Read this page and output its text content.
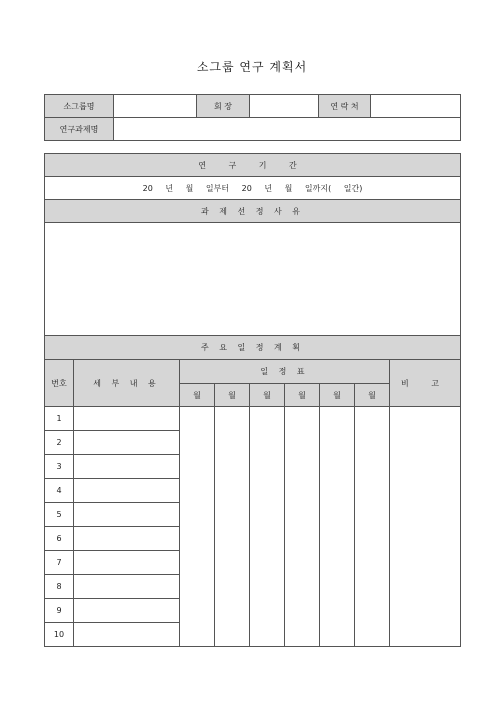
소그룹 연구 계획서
소그룹명		회 장		연 락 처	
연구과제명					
연 구 기 간								
20 년 월 일부터 20 년 월 일까지( 일간)								
과 제 선 정 사 유								

주 요 일 정 계 획								
번호	세 부 내 용	일 정 표						비 고
		월	월	월	월	월	월	
1								
2								
3								
4								
5								
6								
7								
8								
9								
10								
